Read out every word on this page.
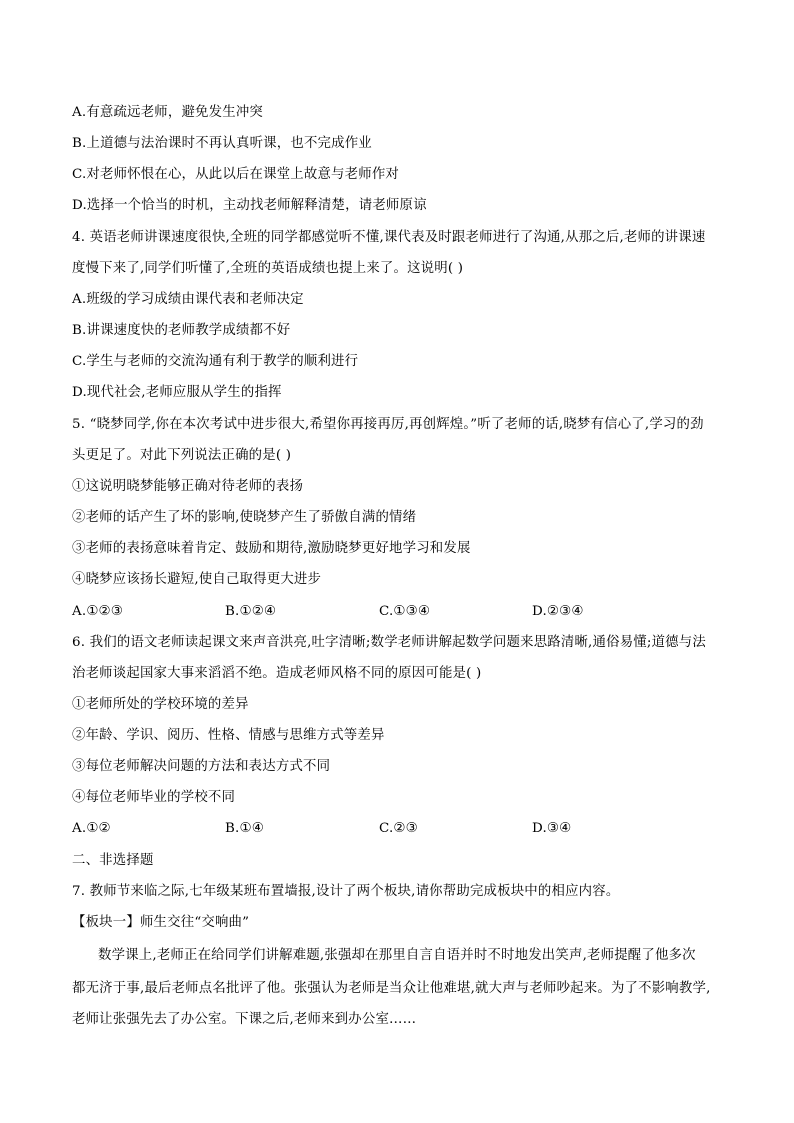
A.有意疏远老师，避免发生冲突
B.上道德与法治课时不再认真听课，也不完成作业
C.对老师怀恨在心，从此以后在课堂上故意与老师作对
D.选择一个恰当的时机，主动找老师解释清楚，请老师原谅
4. 英语老师讲课速度很快,全班的同学都感觉听不懂,课代表及时跟老师进行了沟通,从那之后,老师的讲课速
度慢下来了,同学们听懂了,全班的英语成绩也提上来了。这说明( )
A.班级的学习成绩由课代表和老师决定
B.讲课速度快的老师教学成绩都不好
C.学生与老师的交流沟通有利于教学的顺利进行
D.现代社会,老师应服从学生的指挥
5. “晓梦同学,你在本次考试中进步很大,希望你再接再厉,再创辉煌。”听了老师的话,晓梦有信心了,学习的劲
头更足了。对此下列说法正确的是( )
①这说明晓梦能够正确对待老师的表扬
②老师的话产生了坏的影响,使晓梦产生了骄傲自满的情绪
③老师的表扬意味着肯定、鼓励和期待,激励晓梦更好地学习和发展
④晓梦应该扬长避短,使自己取得更大进步
A.①②③	B.①②④	C.①③④	D.②③④
6. 我们的语文老师读起课文来声音洪亮,吐字清晰;数学老师讲解起数学问题来思路清晰,通俗易懂;道德与法
治老师谈起国家大事来滔滔不绝。造成老师风格不同的原因可能是( )
①老师所处的学校环境的差异
②年龄、学识、阅历、性格、情感与思维方式等差异
③每位老师解决问题的方法和表达方式不同
④每位老师毕业的学校不同
A.①②	B.①④	C.②③	D.③④
二、非选择题
7. 教师节来临之际,七年级某班布置墙报,设计了两个板块,请你帮助完成板块中的相应内容。
【板块一】师生交往“交响曲”
数学课上,老师正在给同学们讲解难题,张强却在那里自言自语并时不时地发出笑声,老师提醒了他多次
都无济于事,最后老师点名批评了他。张强认为老师是当众让他难堪,就大声与老师吵起来。为了不影响教学,
老师让张强先去了办公室。下课之后,老师来到办公室……
